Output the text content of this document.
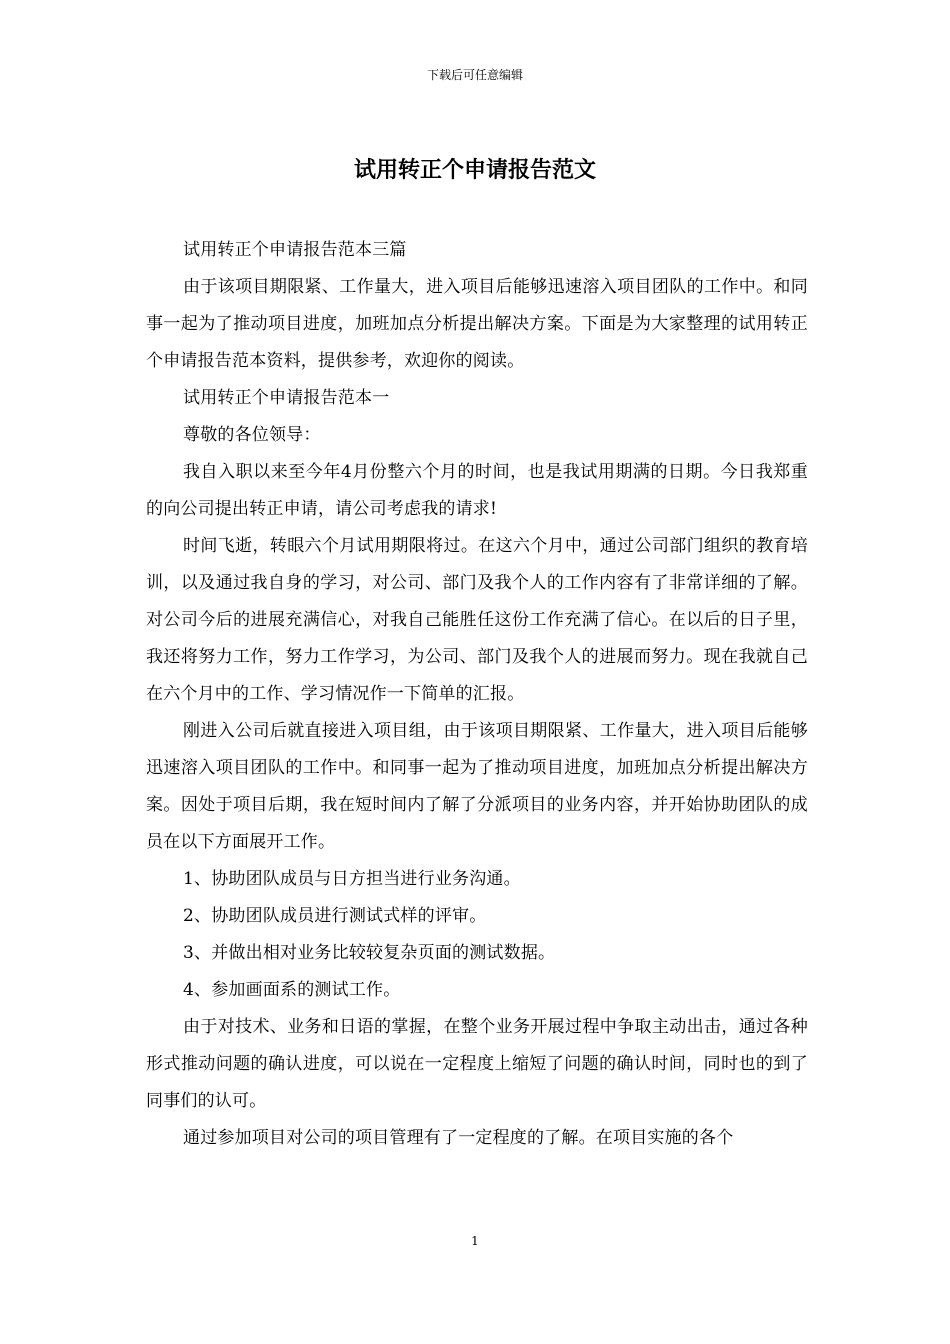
下载后可任意编辑
试用转正个申请报告范文

试用转正个申请报告范本三篇

由于该项目期限紧、工作量大，进入项目后能够迅速溶入项目团队的工作中。和同事一起为了推动项目进度，加班加点分析提出解决方案。下面是为大家整理的试用转正个申请报告范本资料，提供参考，欢迎你的阅读。

试用转正个申请报告范本一

尊敬的各位领导：

我自入职以来至今年4月份整六个月的时间，也是我试用期满的日期。今日我郑重的向公司提出转正申请，请公司考虑我的请求!

时间飞逝，转眼六个月试用期限将过。在这六个月中，通过公司部门组织的教育培训，以及通过我自身的学习，对公司、部门及我个人的工作内容有了非常详细的了解。对公司今后的进展充满信心，对我自己能胜任这份工作充满了信心。在以后的日子里，我还将努力工作，努力工作学习，为公司、部门及我个人的进展而努力。现在我就自己在六个月中的工作、学习情况作一下简单的汇报。

刚进入公司后就直接进入项目组，由于该项目期限紧、工作量大，进入项目后能够迅速溶入项目团队的工作中。和同事一起为了推动项目进度，加班加点分析提出解决方案。因处于项目后期，我在短时间内了解了分派项目的业务内容，并开始协助团队的成员在以下方面展开工作。

1、协助团队成员与日方担当进行业务沟通。

2、协助团队成员进行测试式样的评审。

3、并做出相对业务比较较复杂页面的测试数据。

4、参加画面系的测试工作。

由于对技术、业务和日语的掌握，在整个业务开展过程中争取主动出击，通过各种形式推动问题的确认进度，可以说在一定程度上缩短了问题的确认时间，同时也的到了同事们的认可。

通过参加项目对公司的项目管理有了一定程度的了解。在项目实施的各个

1
